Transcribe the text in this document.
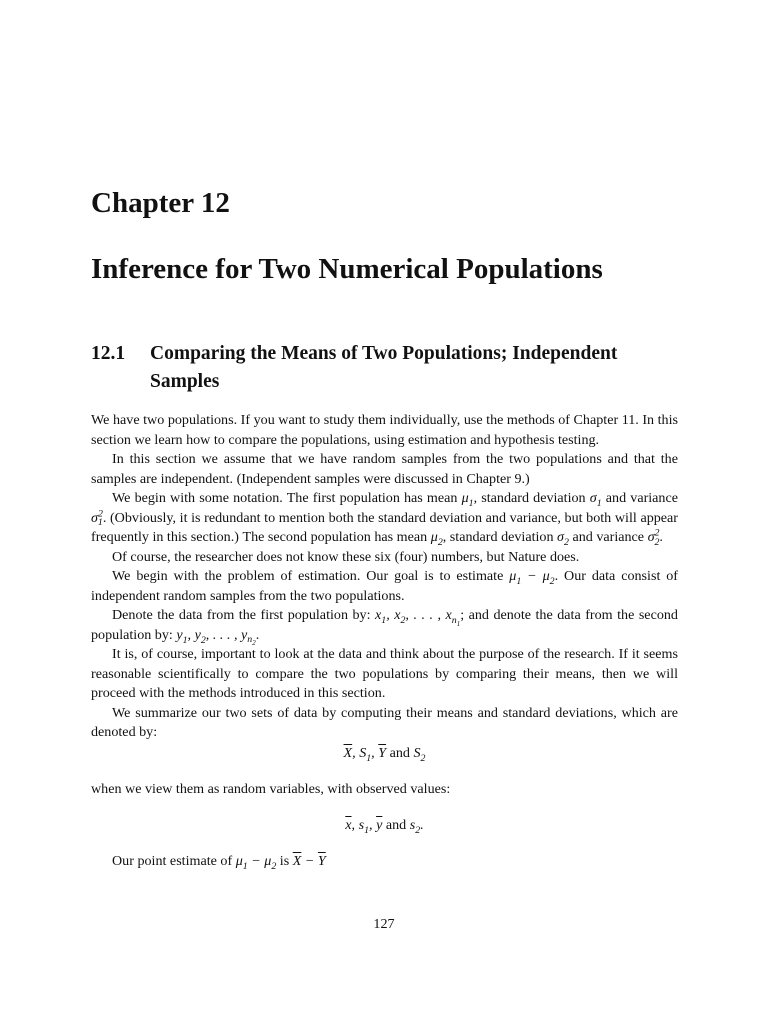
Chapter 12
Inference for Two Numerical Populations
12.1 Comparing the Means of Two Populations; Independent Samples

We have two populations. If you want to study them individually, use the methods of Chapter 11. In this section we learn how to compare the populations, using estimation and hypothesis testing.

In this section we assume that we have random samples from the two populations and that the samples are independent. (Independent samples were discussed in Chapter 9.)

We begin with some notation. The first population has mean $\mu_1$, standard deviation $\sigma_1$ and variance $\sigma^2_1$. (Obviously, it is redundant to mention both the standard deviation and variance, but both will appear frequently in this section.) The second population has mean $\mu_2$, standard deviation $\sigma_2$ and variance $\sigma^2_2$.

Of course, the researcher does not know these six (four) numbers, but Nature does.

We begin with the problem of estimation. Our goal is to estimate $\mu_1 - \mu_2$. Our data consist of independent random samples from the two populations.

Denote the data from the first population by: $x_1$, $x_2$, . . . , $x_{n_1}$; and denote the data from the second population by: $y_1$, $y_2$, . . . , $y_{n_2}$.

It is, of course, important to look at the data and think about the purpose of the research. If it seems reasonable scientifically to compare the two populations by comparing their means, then we will proceed with the methods introduced in this section.

We summarize our two sets of data by computing their means and standard deviations, which are denoted by:

$\overline{X}$, $S_1$, $\overline{Y}$ and $S_2$

when we view them as random variables, with observed values:

$\overline{x}$, $s_1$, $\overline{y}$ and $s_2$.

Our point estimate of $\mu_1 - \mu_2$ is $\overline{X} - \overline{Y}$

127
